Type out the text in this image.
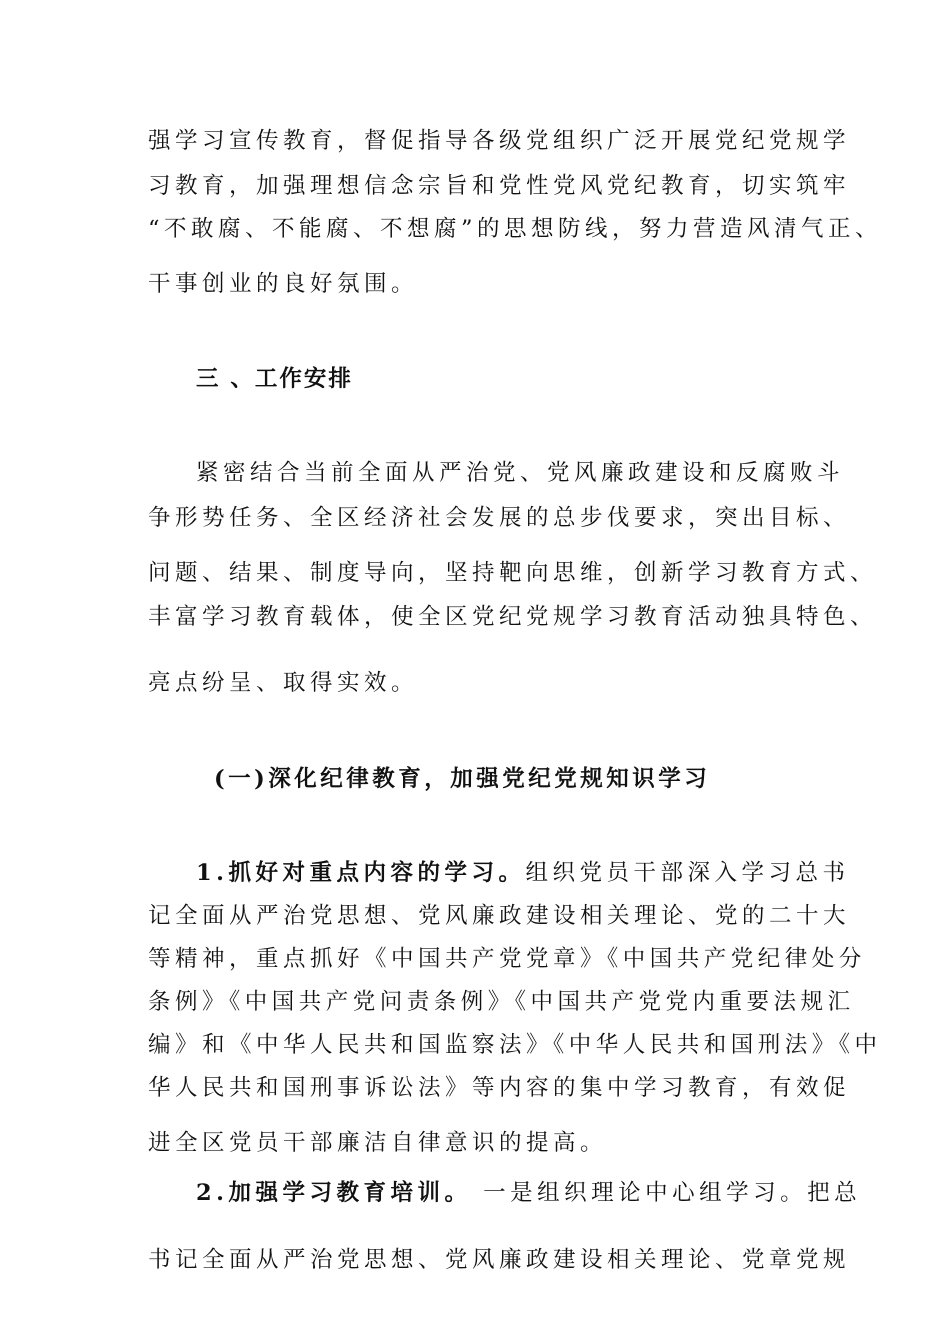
强学习宣传教育，督促指导各级党组织广泛开展党纪党规学
习教育，加强理想信念宗旨和党性党风党纪教育，切实筑牢
“不敢腐、不能腐、不想腐”的思想防线，努力营造风清气正、
干事创业的良好氛围。
三 、工作安排
紧密结合当前全面从严治党、党风廉政建设和反腐败斗
争形势任务、全区经济社会发展的总步伐要求，突出目标、
问题、结果、制度导向，坚持靶向思维，创新学习教育方式、
丰富学习教育载体，使全区党纪党规学习教育活动独具特色、
亮点纷呈、取得实效。
(一)深化纪律教育，加强党纪党规知识学习
1.抓好对重点内容的学习。组织党员干部深入学习总书
记全面从严治党思想、党风廉政建设相关理论、党的二十大
等精神，重点抓好《中国共产党党章》《中国共产党纪律处分
条例》《中国共产党问责条例》《中国共产党党内重要法规汇
编》和《中华人民共和国监察法》《中华人民共和国刑法》《中
华人民共和国刑事诉讼法》等内容的集中学习教育，有效促
进全区党员干部廉洁自律意识的提高。
2.加强学习教育培训。 一是组织理论中心组学习。把总
书记全面从严治党思想、党风廉政建设相关理论、党章党规
